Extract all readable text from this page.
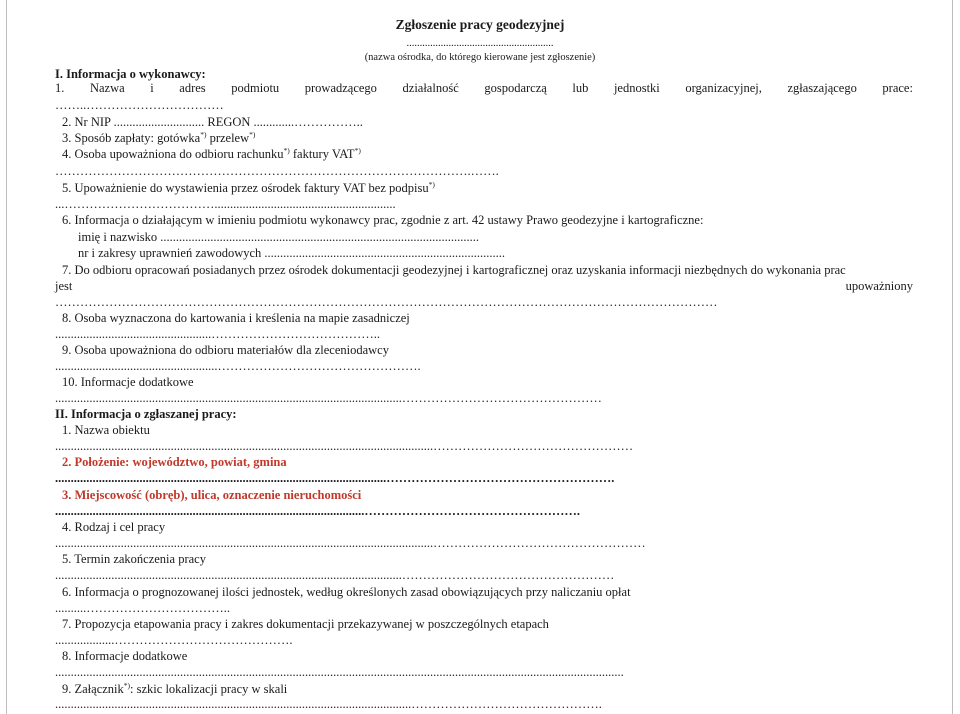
Zgłoszenie pracy geodezyjnej
........................................................
(nazwa ośrodka, do którego kierowane jest zgłoszenie)
I. Informacja o wykonawcy:
1. Nazwa i adres podmiotu prowadzącego działalność gospodarczą lub jednostki organizacyjnej, zgłaszającego prace:
……..……………………………
2. Nr NIP ............................. REGON .............……………..
3. Sposób zapłaty: gotówka*) przelew*)
4. Osoba upoważniona do odbioru rachunku*) faktury VAT*)
……………………………………………………………………………………….…….
5. Upoważnienie do wystawienia przez ośrodek faktury VAT bez podpisu*)
...………………………………..........................................................
6. Informacja o działającym w imieniu podmiotu wykonawcy prac, zgodnie z art. 42 ustawy Prawo geodezyjne i kartograficzne:
imię i nazwisko ......................................................................................................
nr i zakresy uprawnień zawodowych .............................................................................
7. Do odbioru opracowań posiadanych przez ośrodek dokumentacji geodezyjnej i kartograficznej oraz uzyskania informacji niezbędnych do wykonania prac
jest	upoważniony
……………………………………………………………………………………………………………………………………………
8. Osoba wyznaczona do kartowania i kreślenia na mapie zasadniczej
..................................................…………………………………..
9. Osoba upoważniona do odbioru materiałów dla zleceniodawcy
....................................................………………………………………….
10. Informacje dodatkowe
...............................................................................................................…………………………………………
II. Informacja o zgłaszanej pracy:
1. Nazwa obiektu
.........................................................................................................................…………………………………………
2. Położenie: województwo, powiat, gmina
..........................................................................................................……………………………………………….
3. Miejscowość (obręb), ulica, oznaczenie nieruchomości
...................................................................................................…………………………………………….
4. Rodzaj i cel pracy
.........................................................................................................................……………………………………………
5. Termin zakończenia pracy
...............................................................................................................……………………………………………
6. Informacja o prognozowanej ilości jednostek, według określonych zasad obowiązujących przy naliczaniu opłat
..........……………………………..
7. Propozycja etapowania pracy i zakres dokumentacji przekazywanej w poszczególnych etapach
...................…………………………………….
8. Informacje dodatkowe
......................................................................................................................................................................................
9. Załącznik*): szkic lokalizacji pracy w skali
..................................................................................................................……………………………………….
